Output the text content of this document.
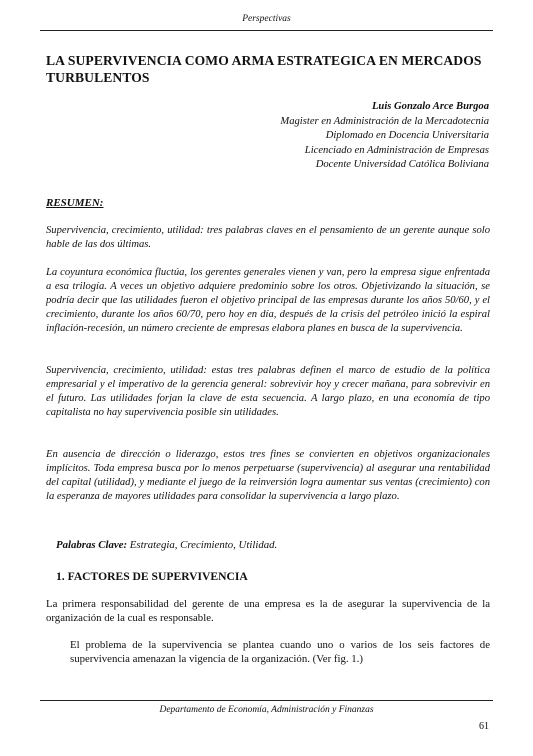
Perspectivas
LA SUPERVIVENCIA COMO ARMA ESTRATEGICA EN MERCADOS TURBULENTOS
Luis Gonzalo Arce Burgoa
Magister en Administración de la Mercadotecnia
Diplomado en Docencia Universitaria
Licenciado en Administración de Empresas
Docente Universidad Católica Boliviana
RESUMEN:

Supervivencia, crecimiento, utilidad: tres palabras claves en el pensamiento de un gerente aunque solo hable de las dos últimas.

La coyuntura económica fluctúa, los gerentes generales vienen y van, pero la empresa sigue enfrentada a esa trilogía. A veces un objetivo adquiere predominio sobre los otros. Objetivizando la situación, se podría decir que las utilidades fueron el objetivo principal de las empresas durante los años 50/60, y el crecimiento, durante los años 60/70, pero hoy en día, después de la crisis del petróleo inició la espiral inflación-recesión, un número creciente de empresas elabora planes en busca de la supervivencia.

Supervivencia, crecimiento, utilidad: estas tres palabras definen el marco de estudio de la política empresarial y el imperativo de la gerencia general: sobrevivir hoy y crecer mañana, para sobrevivir en el futuro. Las utilidades forjan la clave de esta secuencia. A largo plazo, en una economía de tipo capitalista no hay supervivencia posible sin utilidades.

En ausencia de dirección o liderazgo, estos tres fines se convierten en objetivos organizacionales implícitos. Toda empresa busca por lo menos perpetuarse (supervivencia) al asegurar una rentabilidad del capital (utilidad), y mediante el juego de la reinversión logra aumentar sus ventas (crecimiento) con la esperanza de mayores utilidades para consolidar la supervivencia a largo plazo.

Palabras Clave: Estrategia, Crecimiento, Utilidad.
1. FACTORES DE SUPERVIVENCIA

La primera responsabilidad del gerente de una empresa es la de asegurar la supervivencia de la organización de la cual es responsable.

El problema de la supervivencia se plantea cuando uno o varios de los seis factores de supervivencia amenazan la vigencia de la organización. (Ver fig. 1.)

Departamento de Economía, Administración y Finanzas
61
